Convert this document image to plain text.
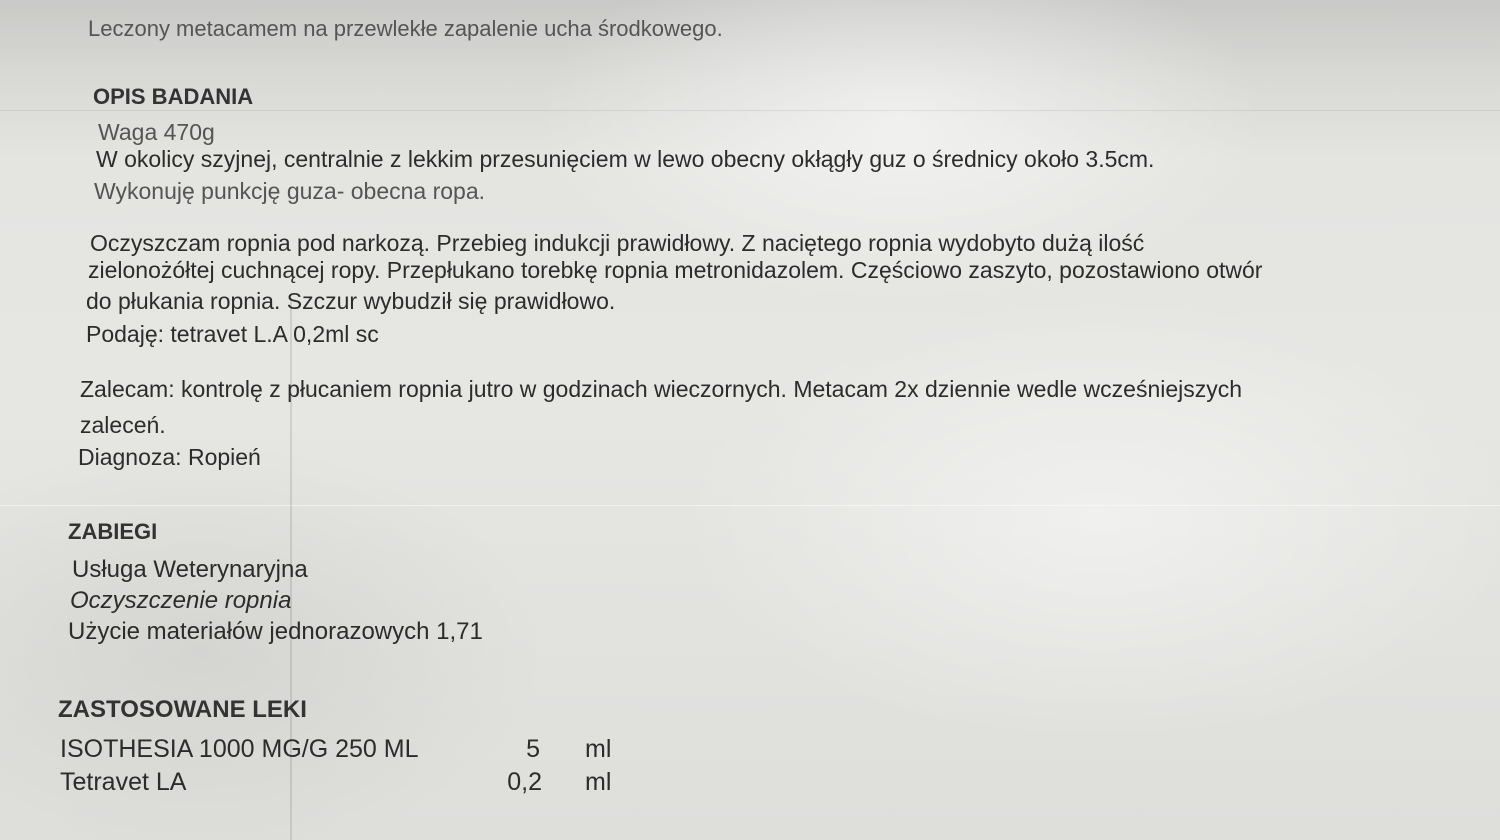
Leczony metacamem na przewlekłe zapalenie ucha środkowego.
OPIS BADANIA
Waga 470g
W okolicy szyjnej, centralnie z lekkim przesunięciem w lewo obecny okłągły guz o średnicy około 3.5cm.
Wykonuję punkcję guza- obecna ropa.
Oczyszczam ropnia pod narkozą. Przebieg indukcji prawidłowy. Z naciętego ropnia wydobyto dużą ilość
zielonożółtej cuchnącej ropy. Przepłukano torebkę ropnia metronidazolem. Częściowo zaszyto, pozostawiono otwór
do płukania ropnia. Szczur wybudził się prawidłowo.
Podaję: tetravet L.A 0,2ml sc
Zalecam: kontrolę z płucaniem ropnia jutro w godzinach wieczornych. Metacam 2x dziennie wedle wcześniejszych
zaleceń.
Diagnoza: Ropień
ZABIEGI
Usługa Weterynaryjna
Oczyszczenie ropnia
Użycie materiałów jednorazowych 1,71
ZASTOSOWANE LEKI
ISOTHESIA 1000 MG/G 250 ML	5 ml
Tetravet LA	0,2 ml
